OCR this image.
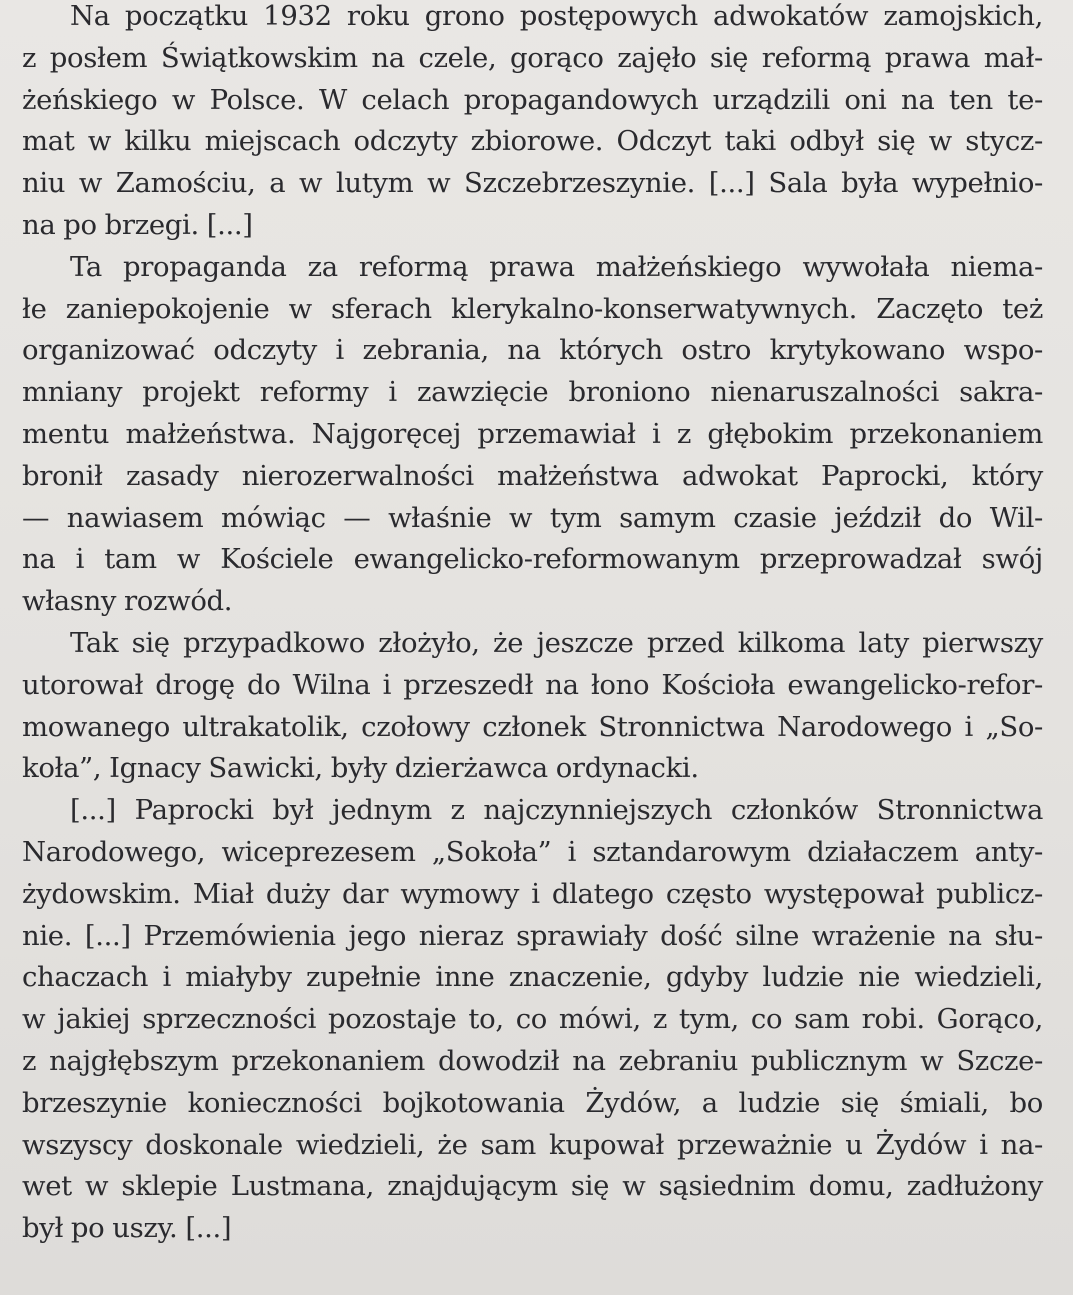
Na początku 1932 roku grono postępowych adwokatów zamojskich,
z posłem Świątkowskim na czele, gorąco zajęło się reformą prawa mał-
żeńskiego w Polsce. W celach propagandowych urządzili oni na ten te-
mat w kilku miejscach odczyty zbiorowe. Odczyt taki odbył się w stycz-
niu w Zamościu, a w lutym w Szczebrzeszynie. [...] Sala była wypełnio-
na po brzegi. [...]

Ta propaganda za reformą prawa małżeńskiego wywołała niema-
łe zaniepokojenie w sferach klerykalno-konserwatywnych. Zaczęto też
organizować odczyty i zebrania, na których ostro krytykowano wspo-
mniany projekt reformy i zawzięcie broniono nienaruszalności sakra-
mentu małżeństwa. Najgoręcej przemawiał i z głębokim przekonaniem
bronił zasady nierozerwalności małżeństwa adwokat Paprocki, który
— nawiasem mówiąc — właśnie w tym samym czasie jeździł do Wil-
na i tam w Kościele ewangelicko-reformowanym przeprowadzał swój
własny rozwód.

Tak się przypadkowo złożyło, że jeszcze przed kilkoma laty pierwszy
utorował drogę do Wilna i przeszedł na łono Kościoła ewangelicko-refor-
mowanego ultrakatolik, czołowy członek Stronnictwa Narodowego i „So-
koła”, Ignacy Sawicki, były dzierżawca ordynacki.

[...] Paprocki był jednym z najczynniejszych członków Stronnictwa
Narodowego, wiceprezesem „Sokoła” i sztandarowym działaczem anty-
żydowskim. Miał duży dar wymowy i dlatego często występował publicz-
nie. [...] Przemówienia jego nieraz sprawiały dość silne wrażenie na słu-
chaczach i miałyby zupełnie inne znaczenie, gdyby ludzie nie wiedzieli,
w jakiej sprzeczności pozostaje to, co mówi, z tym, co sam robi. Gorąco,
z najgłębszym przekonaniem dowodził na zebraniu publicznym w Szcze-
brzeszynie konieczności bojkotowania Żydów, a ludzie się śmiali, bo
wszyscy doskonale wiedzieli, że sam kupował przeważnie u Żydów i na-
wet w sklepie Lustmana, znajdującym się w sąsiednim domu, zadłużony
był po uszy. [...]
